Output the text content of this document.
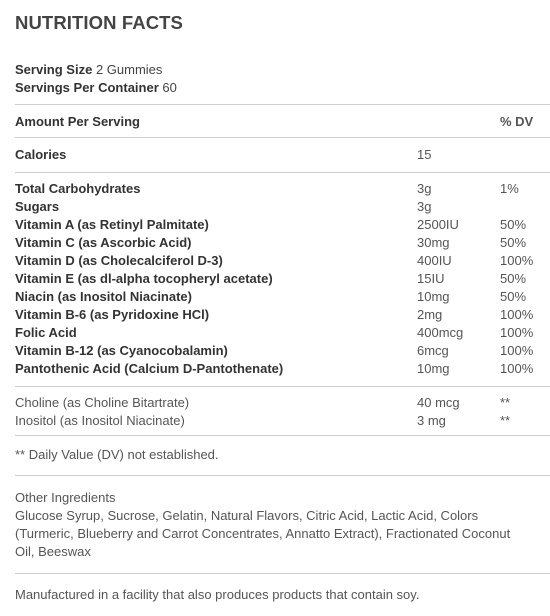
NUTRITION FACTS
Serving Size 2 Gummies
Servings Per Container 60
Amount Per Serving	% DV
Calories	15
Total Carbohydrates	3g	1%
Sugars	3g
Vitamin A (as Retinyl Palmitate)	2500IU	50%
Vitamin C (as Ascorbic Acid)	30mg	50%
Vitamin D (as Cholecalciferol D-3)	400IU	100%
Vitamin E (as dl-alpha tocopheryl acetate)	15IU	50%
Niacin (as Inositol Niacinate)	10mg	50%
Vitamin B-6 (as Pyridoxine HCl)	2mg	100%
Folic Acid	400mcg	100%
Vitamin B-12 (as Cyanocobalamin)	6mcg	100%
Pantothenic Acid (Calcium D-Pantothenate)	10mg	100%
Choline (as Choline Bitartrate)	40 mcg	**
Inositol (as Inositol Niacinate)	3 mg	**
** Daily Value (DV) not established.
Other Ingredients
Glucose Syrup, Sucrose, Gelatin, Natural Flavors, Citric Acid, Lactic Acid, Colors (Turmeric, Blueberry and Carrot Concentrates, Annatto Extract), Fractionated Coconut Oil, Beeswax
Manufactured in a facility that also produces products that contain soy.
